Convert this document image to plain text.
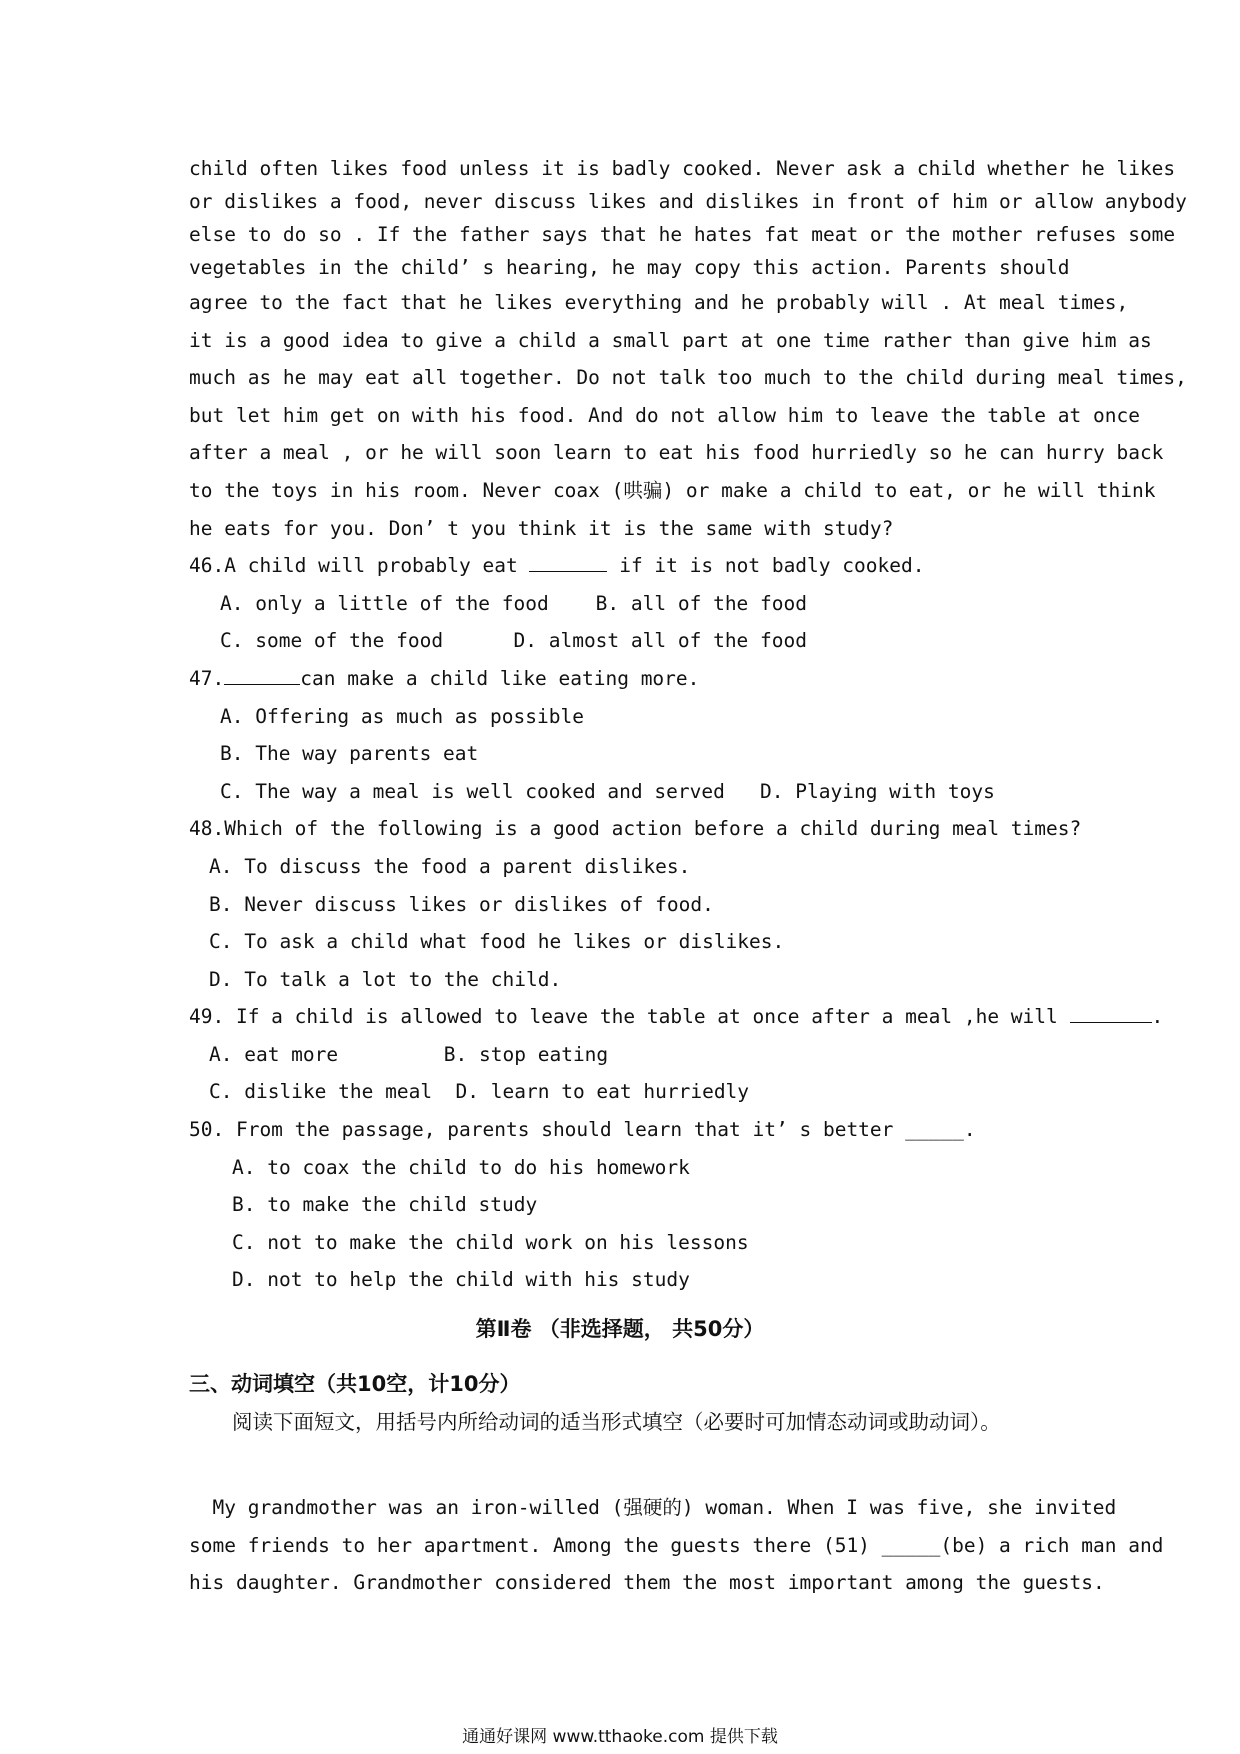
child often likes food unless it is badly cooked. Never ask a child whether he likes
or dislikes a food, never discuss likes and dislikes in front of him or allow anybody
else to do so . If the father says that he hates fat meat or the mother refuses some
vegetables in the child’ s hearing, he may copy this action. Parents should
agree to the fact that he likes everything and he probably will . At meal times,
it is a good idea to give a child a small part at one time rather than give him as
much as he may eat all together. Do not talk too much to the child during meal times,
but let him get on with his food. And do not allow him to leave the table at once
after a meal , or he will soon learn to eat his food hurriedly so he can hurry back
to the toys in his room. Never coax (哄骗) or make a child to eat, or he will think
he eats for you. Don’ t you think it is the same with study?
46.A child will probably eat	if it is not badly cooked.
A. only a little of the food    B. all of the food
C. some of the food      D. almost all of the food
47.	can make a child like eating more.
A. Offering as much as possible
B. The way parents eat
C. The way a meal is well cooked and served   D. Playing with toys
48.Which of the following is a good action before a child during meal times?
A. To discuss the food a parent dislikes.
B. Never discuss likes or dislikes of food.
C. To ask a child what food he likes or dislikes.
D. To talk a lot to the child.
49. If a child is allowed to leave the table at once after a meal ,he will	.
A. eat more         B. stop eating
C. dislike the meal  D. learn to eat hurriedly
50. From the passage, parents should learn that it’ s better _____.
A. to coax the child to do his homework
B. to make the child study
C. not to make the child work on his lessons
D. not to help the child with his study
第Ⅱ卷 （非选择题， 共50分）
三、动词填空（共10空，计10分）
阅读下面短文，用括号内所给动词的适当形式填空（必要时可加情态动词或助动词）。
My grandmother was an iron-willed (强硬的) woman. When I was five, she invited
some friends to her apartment. Among the guests there (51) _____(be) a rich man and
his daughter. Grandmother considered them the most important among the guests.
通通好课网 www.tthaoke.com 提供下载
